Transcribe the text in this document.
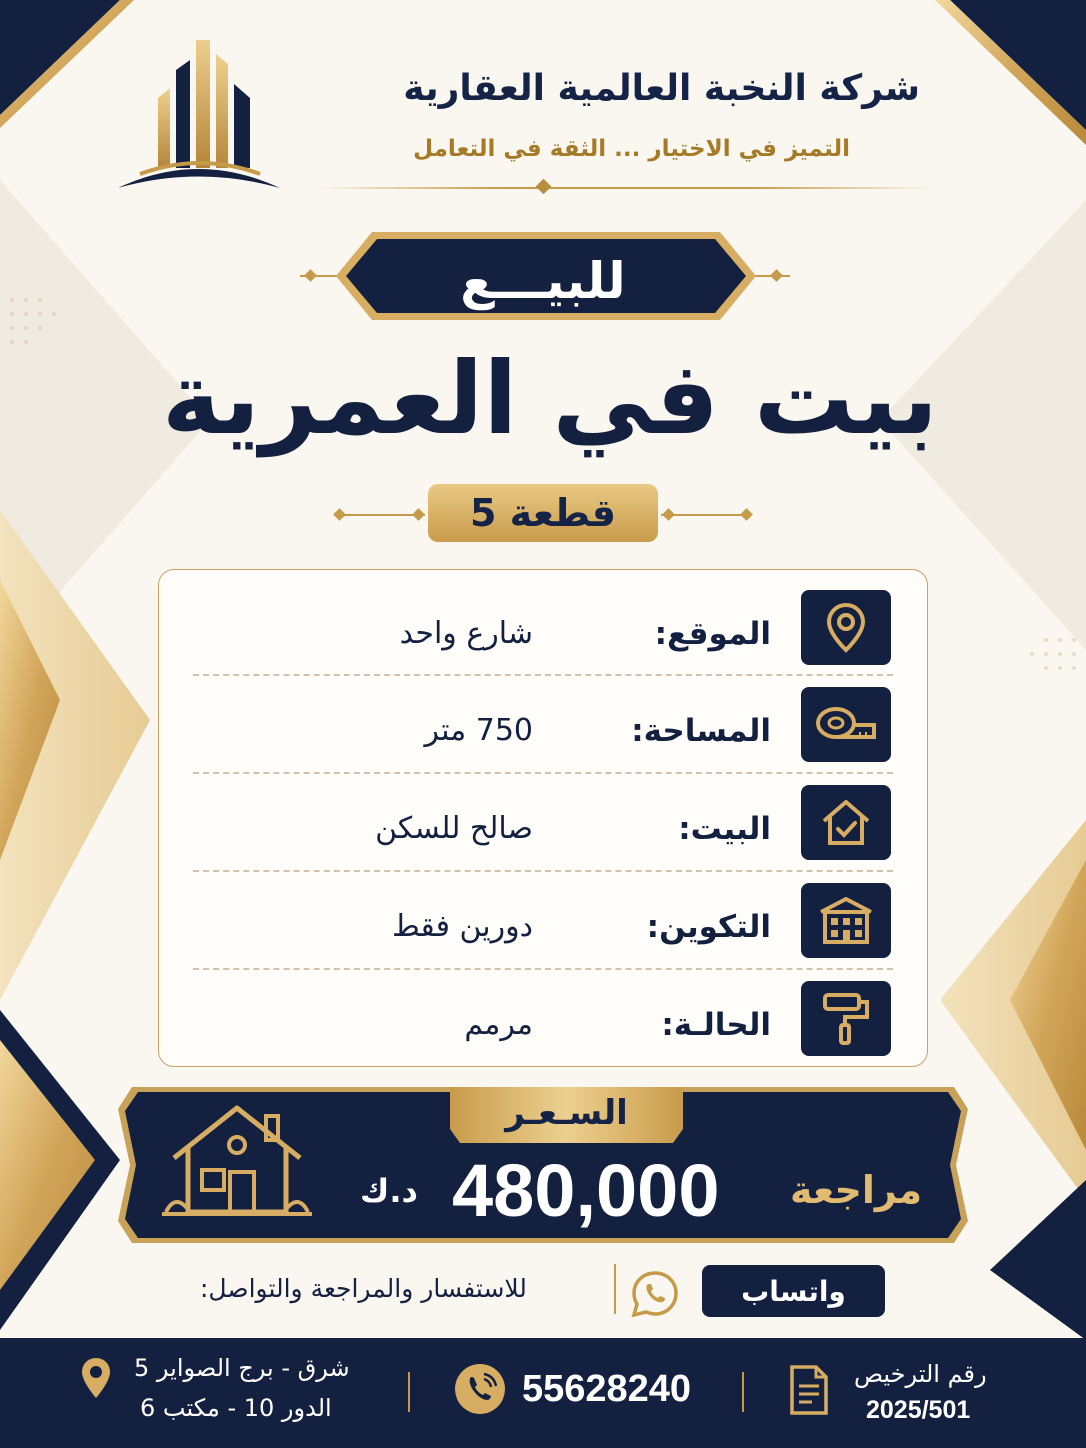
شركة النخبة العالمية العقارية
التميز في الاختيار ... الثقة في التعامل
للبيـــع
بيت في العمرية
قطعة 5
الموقع:
شارع واحد
المساحة:
750 متر
البيت:
صالح للسكن
التكوين:
دورين فقط
الحالـة:
مرمم
السـعـر
د.ك 480,000 مراجعة
للاستفسار والمراجعة والتواصل:	واتساب
شرق - برج الصواير 5
الدور 10 - مكتب 6	55628240	رقم الترخيص
2025/501
